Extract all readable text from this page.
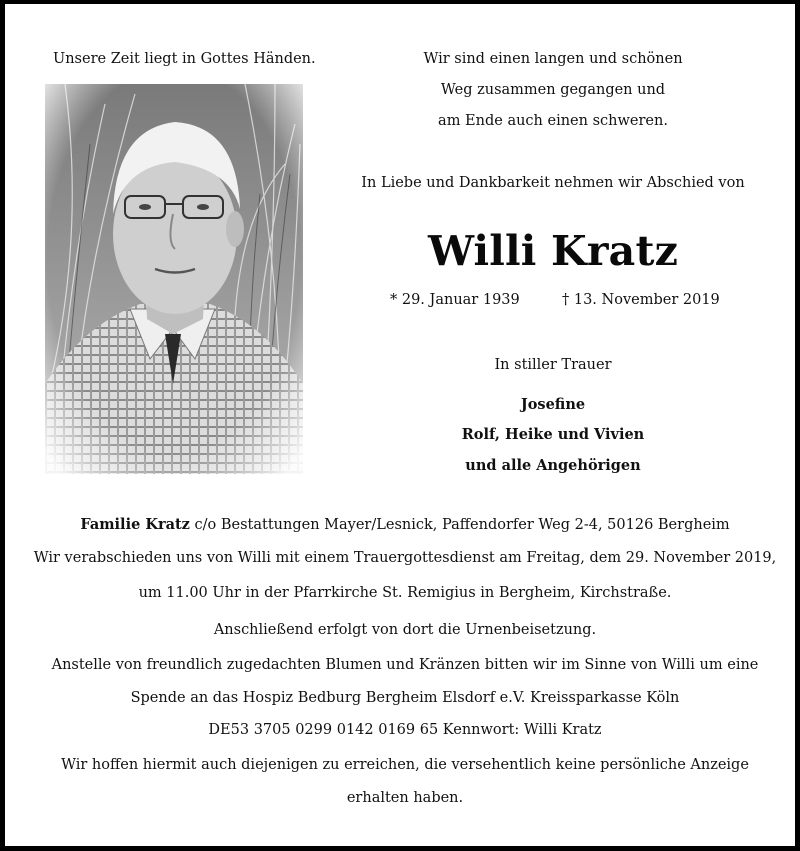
Unsere Zeit liegt in Gottes Händen.	Wir sind einen langen und schönen
Weg zusammen gegangen und
am Ende auch einen schweren.
In Liebe und Dankbarkeit nehmen wir Abschied von
Willi Kratz
* 29. Januar 1939	† 13. November 2019
In stiller Trauer
Josefine
Rolf, Heike und Vivien
und alle Angehörigen
Familie Kratz c/o Bestattungen Mayer/Lesnick, Paffendorfer Weg 2-4, 50126 Bergheim
Wir verabschieden uns von Willi mit einem Trauergottesdienst am Freitag, dem 29. November 2019,
um 11.00 Uhr in der Pfarrkirche St. Remigius in Bergheim, Kirchstraße.
Anschließend erfolgt von dort die Urnenbeisetzung.
Anstelle von freundlich zugedachten Blumen und Kränzen bitten wir im Sinne von Willi um eine
Spende an das Hospiz Bedburg Bergheim Elsdorf e.V. Kreissparkasse Köln
DE53 3705 0299 0142 0169 65 Kennwort: Willi Kratz
Wir hoffen hiermit auch diejenigen zu erreichen, die versehentlich keine persönliche Anzeige
erhalten haben.
